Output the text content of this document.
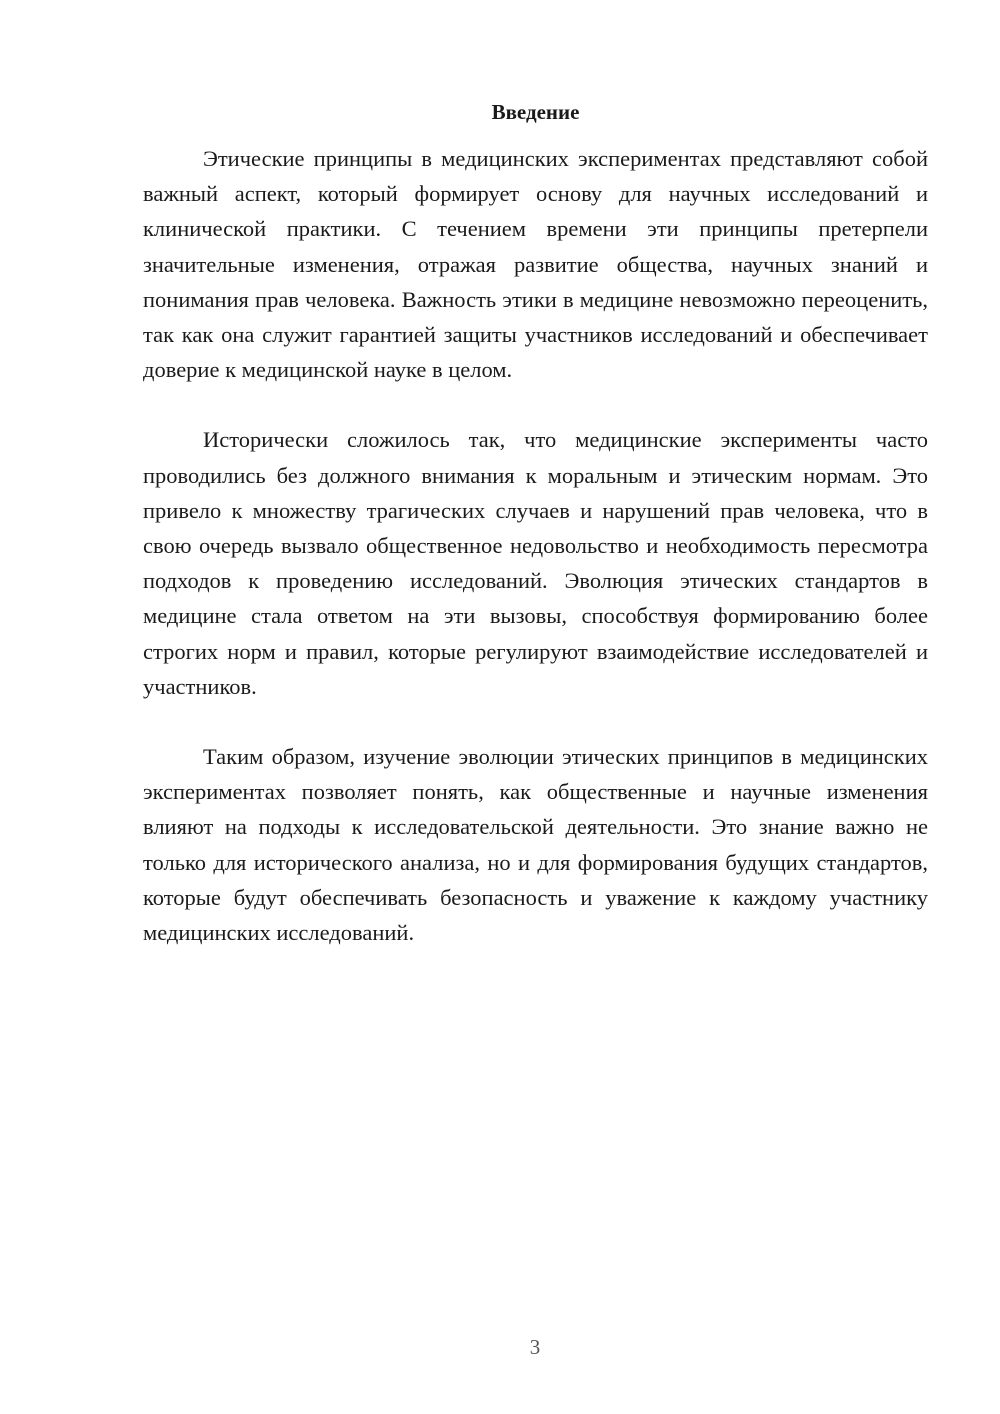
Введение

Этические принципы в медицинских экспериментах представляют собой важный аспект, который формирует основу для научных исследований и клинической практики. С течением времени эти принципы претерпели значительные изменения, отражая развитие общества, научных знаний и понимания прав человека. Важность этики в медицине невозможно переоценить, так как она служит гарантией защиты участников исследований и обеспечивает доверие к медицинской науке в целом.

Исторически сложилось так, что медицинские эксперименты часто проводились без должного внимания к моральным и этическим нормам. Это привело к множеству трагических случаев и нарушений прав человека, что в свою очередь вызвало общественное недовольство и необходимость пересмотра подходов к проведению исследований. Эволюция этических стандартов в медицине стала ответом на эти вызовы, способствуя формированию более строгих норм и правил, которые регулируют взаимодействие исследователей и участников.

Таким образом, изучение эволюции этических принципов в медицинских экспериментах позволяет понять, как общественные и научные изменения влияют на подходы к исследовательской деятельности. Это знание важно не только для исторического анализа, но и для формирования будущих стандартов, которые будут обеспечивать безопасность и уважение к каждому участнику медицинских исследований.

3
